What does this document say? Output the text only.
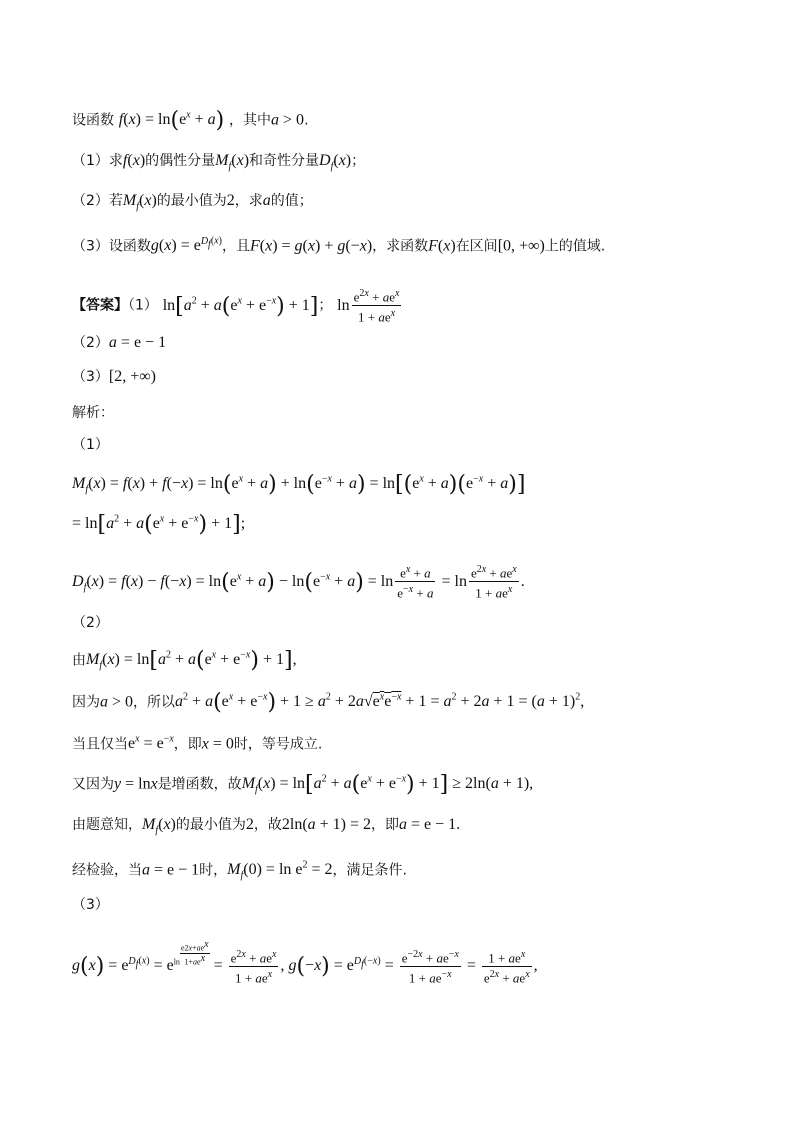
设函数 $f(x) = \ln(e^x + a)$ ，其中a > 0.
（1）求f(x)的偶性分量$M_f(x)$和奇性分量$D_f(x)$；
（2）若$M_f(x)$的最小值为2，求a的值；
（3）设函数$g(x) = e^{D_f(x)}$，且F(x) = g(x) + g(−x)，求函数F(x)在区间[0, +∞)上的值域.
【答案】（1） $\ln[a^2 + a(e^x + e^{-x}) + 1]$； $\ln \frac{e^{2x} + ae^x}{1 + ae^x}$
（2）a = e − 1
（3）[2, +∞)
解析：
（1）
$M_f(x) = f(x) + f(-x) = \ln(e^x + a) + \ln(e^{-x} + a) = \ln[(e^x + a)(e^{-x} + a)]$
= $\ln[a^2 + a(e^x + e^{-x}) + 1]$;
$D_f(x) = f(x) - f(-x) = \ln(e^x + a) - \ln(e^{-x} + a) = \ln \frac{e^x + a}{e^{-x} + a} = \ln \frac{e^{2x} + ae^x}{1 + ae^x}$ .
（2）
由$M_f(x) = \ln[a^2 + a(e^x + e^{-x}) + 1]$,
因为a > 0，所以$a^2 + a(e^x + e^{-x}) + 1 \ge a^2 + 2a√e^xe^{-x} + 1 = a^2 + 2a + 1 = (a + 1)^2$,
当且仅当$e^x = e^{-x}$，即x = 0时，等号成立.
又因为y = lnx是增函数，故$M_f(x) = \ln[a^2 + a(e^x + e^{-x}) + 1] \ge 2\ln(a + 1)$,
由题意知，$M_f(x)$的最小值为2，故2ln(a + 1) = 2，即a = e − 1.
经检验，当a = e − 1时，$M_f(0) = \ln e^2 = 2$，满足条件.
（3）
$g(x) = e^{D_f(x)} = eln$
$e2x+ae^x$
$1+ae^x = \frac{e^{2x} + ae^x}{1 + ae^x}$ , $g(-x) = e^{D_f(-x)} = \frac{e^{-2x} + ae^{-x}}{1 + ae^{-x}} = \frac{1 + ae^x}{e^{2x} + ae^x}$ ,
